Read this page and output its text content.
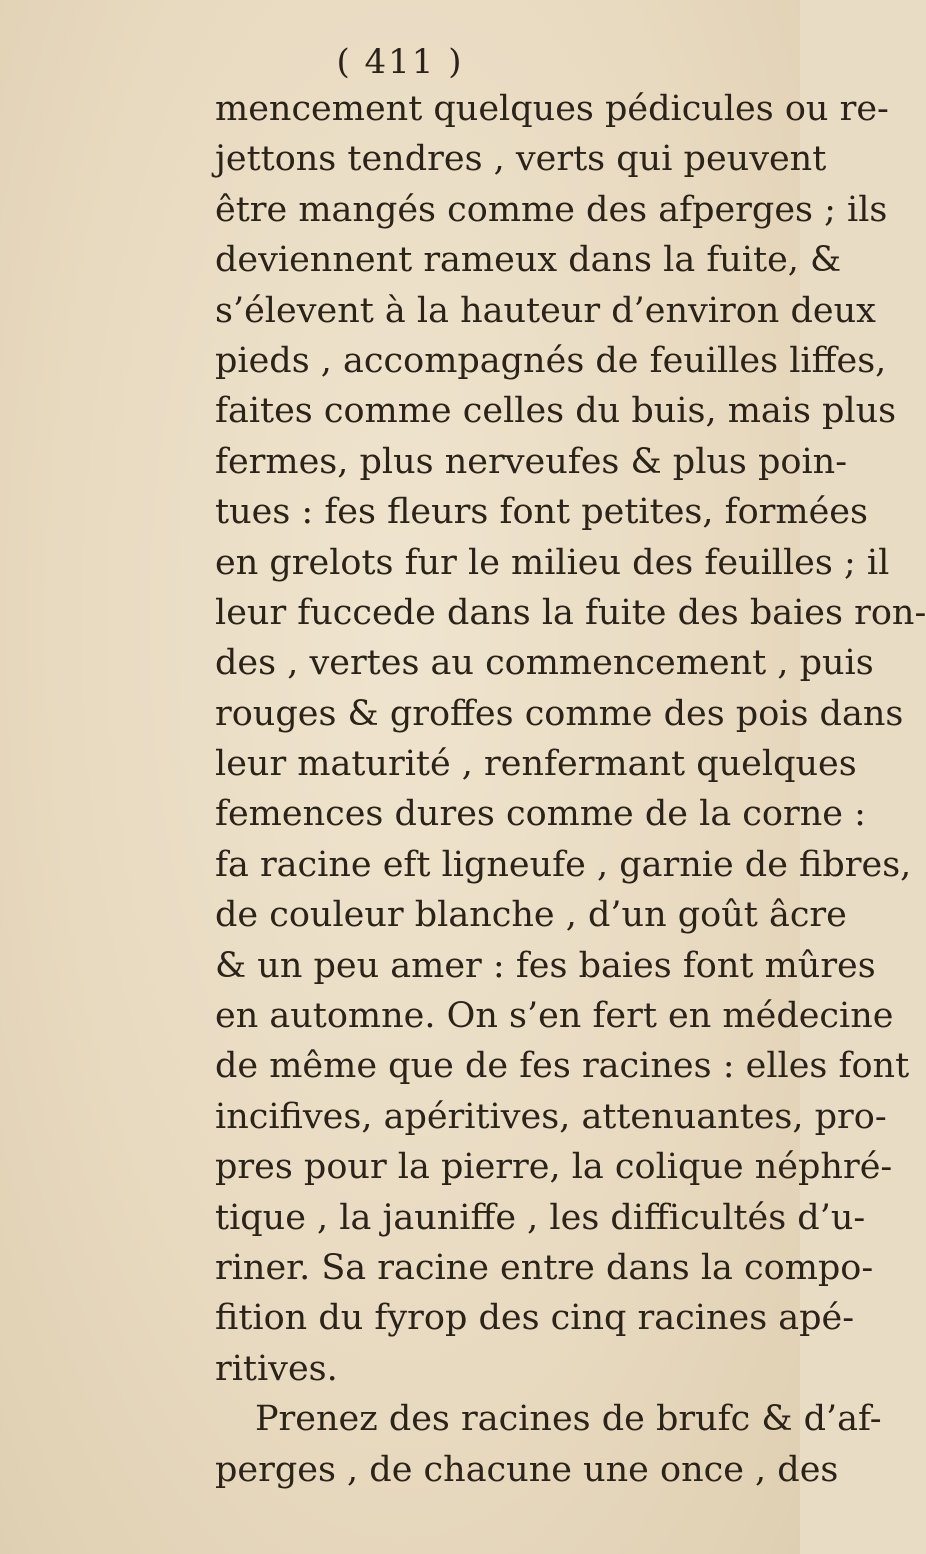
( 411 )
mencement quelques pédicules ou re-
jettons tendres , verts qui peuvent
être mangés comme des afperges ; ils
deviennent rameux dans la fuite, &
s’élevent à la hauteur d’environ deux
pieds , accompagnés de feuilles liffes,
faites comme celles du buis, mais plus
fermes, plus nerveufes & plus poin-
tues : fes fleurs font petites, formées
en grelots fur le milieu des feuilles ; il
leur fuccede dans la fuite des baies ron-
des , vertes au commencement , puis
rouges & groffes comme des pois dans
leur maturité , renfermant quelques
femences dures comme de la corne :
fa racine eft ligneufe , garnie de fibres,
de couleur blanche , d’un goût âcre
& un peu amer : fes baies font mûres
en automne. On s’en fert en médecine
de même que de fes racines : elles font
incifives, apéritives, attenuantes, pro-
pres pour la pierre, la colique néphré-
tique , la jauniffe , les difficultés d’u-
riner. Sa racine entre dans la compo-
fition du fyrop des cinq racines apé-
ritives.
Prenez des racines de brufc & d’af-
perges , de chacune une once , des
